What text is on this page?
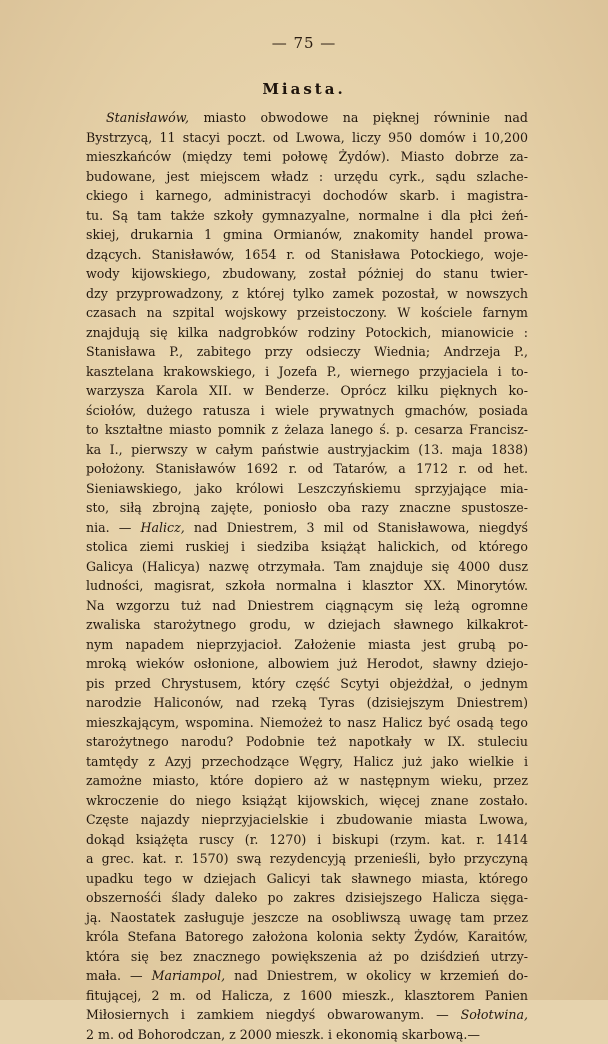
— 75 —
Miasta.
Stanisławów, miasto obwodowe na pięknej równinie nad
Bystrzycą, 11 stacyi poczt. od Lwowa, liczy 950 domów i 10,200
mieszkańców (między temi połowę Żydów). Miasto dobrze za-
budowane, jest miejscem władz : urzędu cyrk., sądu szlache-
ckiego i karnego, administracyi dochodów skarb. i magistra-
tu. Są tam także szkoły gymnazyalne, normalne i dla płci żeń-
skiej, drukarnia 1 gmina Ormianów, znakomity handel prowa-
dzących. Stanisławów, 1654 r. od Stanisława Potockiego, woje-
wody kijowskiego, zbudowany, został póżniej do stanu twier-
dzy przyprowadzony, z której tylko zamek pozostał, w nowszych
czasach na szpital wojskowy przeistoczony. W kościele farnym
znajdują się kilka nadgrobków rodziny Potockich, mianowicie :
Stanisława P., zabitego przy odsieczy Wiednia; Andrzeja P.,
kasztelana krakowskiego, i Jozefa P., wiernego przyjaciela i to-
warzysza Karola XII. w Benderze. Oprócz kilku pięknych ko-
ściołów, dużego ratusza i wiele prywatnych gmachów, posiada
to kształtne miasto pomnik z żelaza lanego ś. p. cesarza Francisz-
ka I., pierwszy w całym państwie austryjackim (13. maja 1838)
położony. Stanisławów 1692 r. od Tatarów, a 1712 r. od het.
Sieniawskiego, jako królowi Leszczyńskiemu sprzyjające mia-
sto, siłą zbrojną zajęte, poniosło oba razy znaczne spustosze-
nia. — Halicz, nad Dniestrem, 3 mil od Stanisławowa, niegdyś
stolica ziemi ruskiej i siedziba książąt halickich, od którego
Galicya (Halicya) nazwę otrzymała. Tam znajduje się 4000 dusz
ludności, magisrat, szkoła normalna i klasztor XX. Minorytów.
Na wzgorzu tuż nad Dniestrem ciągnącym się leżą ogromne
zwaliska starożytnego grodu, w dziejach sławnego kilkakrot-
nym napadem nieprzyjacioł. Założenie miasta jest grubą po-
mroką wieków osłonione, albowiem już Herodot, sławny dziejo-
pis przed Chrystusem, który część Scytyi objeżdżał, o jednym
narodzie Haliconów, nad rzeką Tyras (dzisiejszym Dniestrem)
mieszkającym, wspomina. Niemożeż to nasz Halicz być osadą tego
starożytnego narodu? Podobnie też napotkały w IX. stuleciu
tamtędy z Azyj przechodzące Węgry, Halicz już jako wielkie i
zamożne miasto, które dopiero aż w następnym wieku, przez
wkroczenie do niego książąt kijowskich, więcej znane zostało.
Częste najazdy nieprzyjacielskie i zbudowanie miasta Lwowa,
dokąd książęta ruscy (r. 1270) i biskupi (rzym. kat. r. 1414
a grec. kat. r. 1570) swą rezydencyją przenieśli, było przyczyną
upadku tego w dziejach Galicyi tak sławnego miasta, którego
obszernośći ślady daleko po zakres dzisiejszego Halicza sięga-
ją. Naostatek zasługuje jeszcze na osobliwszą uwagę tam przez
króla Stefana Batorego założona kolonia sekty Żydów, Karaitów,
która się bez znacznego powiększenia aż po dziśdzień utrzy-
mała. — Mariampol, nad Dniestrem, w okolicy w krzemień do-
fitującej, 2 m. od Halicza, z 1600 mieszk., klasztorem Panien
Miłosiernych i zamkiem niegdyś obwarowanym. — Sołotwina,
2 m. od Bohorodczan, z 2000 mieszk. i ekonomią skarbową.—
